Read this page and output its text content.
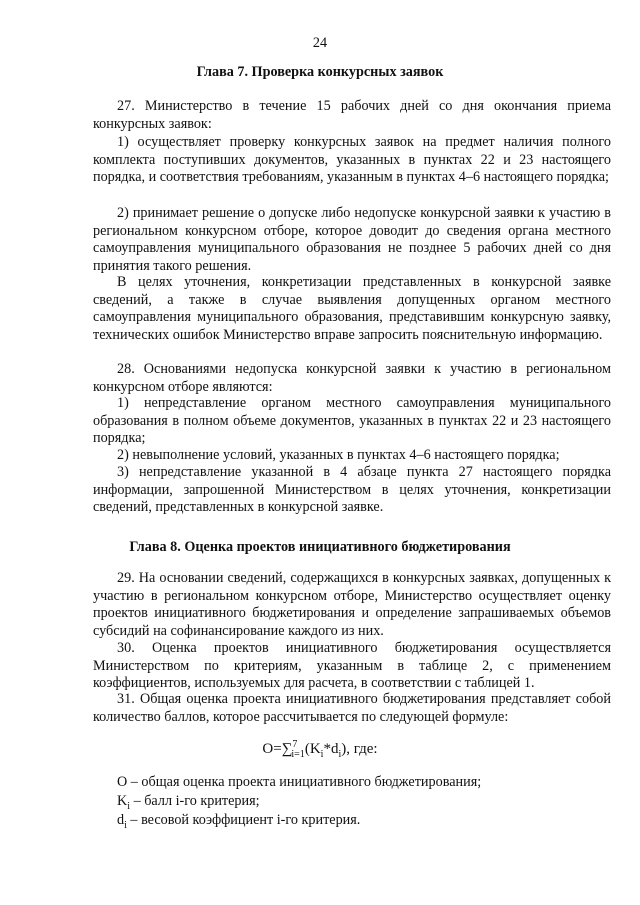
24
Глава 7. Проверка конкурсных заявок

27. Министерство в течение 15 рабочих дней со дня окончания приема конкурсных заявок:

1) осуществляет проверку конкурсных заявок на предмет наличия полного комплекта поступивших документов, указанных в пунктах 22 и 23 настоящего порядка, и соответствия требованиям, указанным в пунктах 4–6 настоящего порядка;

2) принимает решение о допуске либо недопуске конкурсной заявки к участию в региональном конкурсном отборе, которое доводит до сведения органа местного самоуправления муниципального образования не позднее 5 рабочих дней со дня принятия такого решения.

В целях уточнения, конкретизации представленных в конкурсной заявке сведений, а также в случае выявления допущенных органом местного самоуправления муниципального образования, представившим конкурсную заявку, технических ошибок Министерство вправе запросить пояснительную информацию.

28. Основаниями недопуска конкурсной заявки к участию в региональном конкурсном отборе являются:

1) непредставление органом местного самоуправления муниципального образования в полном объеме документов, указанных в пунктах 22 и 23 настоящего порядка;

2) невыполнение условий, указанных в пунктах 4–6 настоящего порядка;

3) непредставление указанной в 4 абзаце пункта 27 настоящего порядка информации, запрошенной Министерством в целях уточнения, конкретизации сведений, представленных в конкурсной заявке.

Глава 8. Оценка проектов инициативного бюджетирования

29. На основании сведений, содержащихся в конкурсных заявках, допущенных к участию в региональном конкурсном отборе, Министерство осуществляет оценку проектов инициативного бюджетирования и определение запрашиваемых объемов субсидий на софинансирование каждого из них.

30. Оценка проектов инициативного бюджетирования осуществляется Министерством по критериям, указанным в таблице 2, с применением коэффициентов, используемых для расчета, в соответствии с таблицей 1.

31. Общая оценка проекта инициативного бюджетирования представляет собой количество баллов, которое рассчитывается по следующей формуле:

$O=\sum^7_{i=1}(K_i*d_i)$, где:

О – общая оценка проекта инициативного бюджетирования;

$K_i$ – балл i-го критерия;

$d_i$ – весовой коэффициент i-го критерия.
